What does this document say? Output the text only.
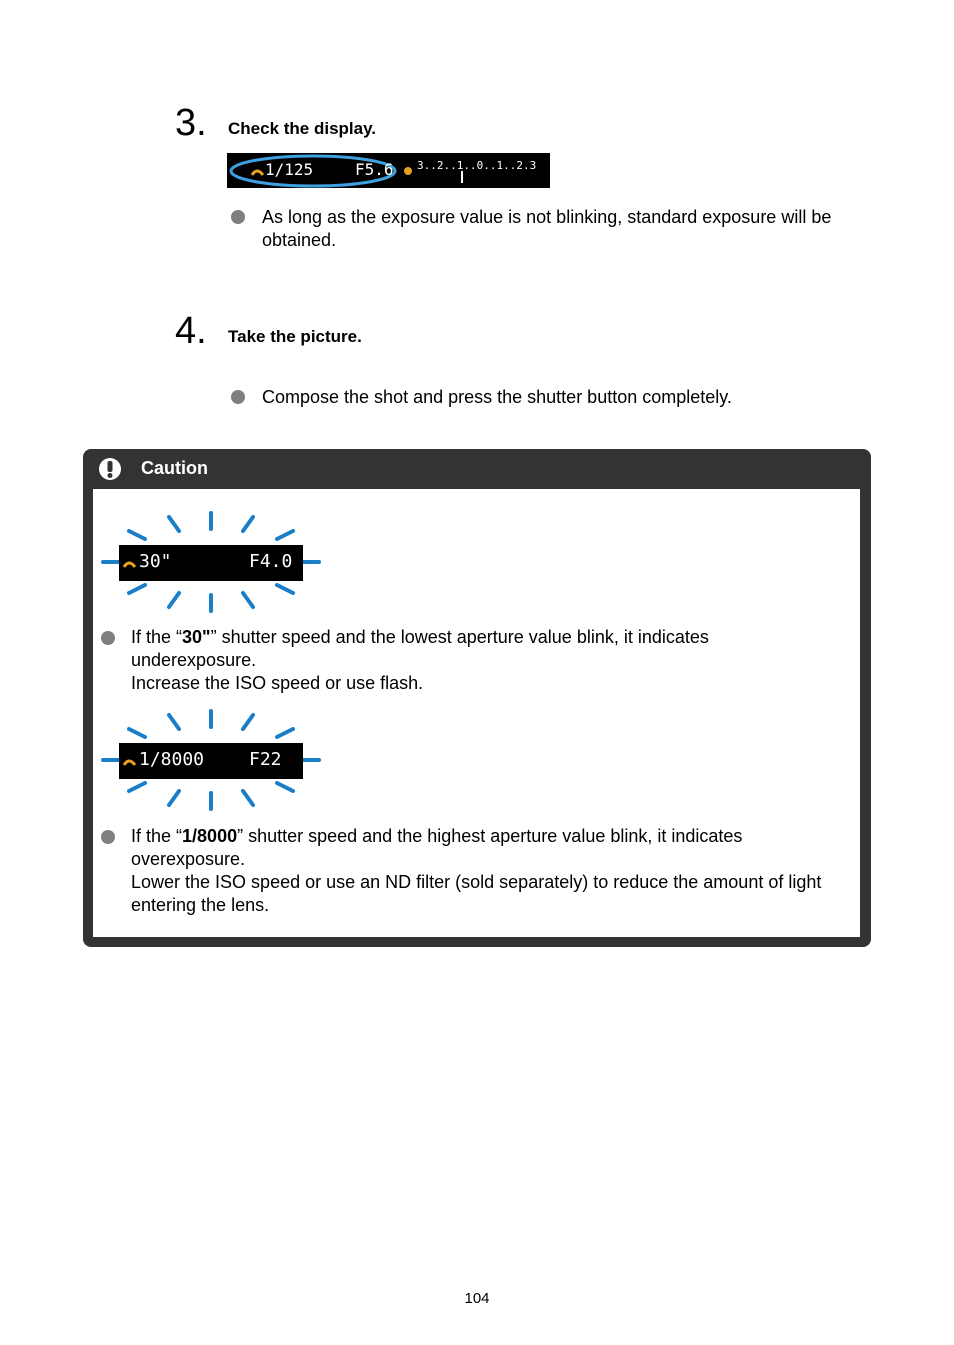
3. Check the display.
1/125	F5.6 3..2..1..0..1..2.3
As long as the exposure value is not blinking, standard exposure will be obtained.
4. Take the picture.
Compose the shot and press the shutter button completely.
Caution
30"	F4.0
If the “30"” shutter speed and the lowest aperture value blink, it indicates underexposure.
Increase the ISO speed or use flash.
1/8000 F22
If the “1/8000” shutter speed and the highest aperture value blink, it indicates overexposure.
Lower the ISO speed or use an ND filter (sold separately) to reduce the amount of light entering the lens.
104
